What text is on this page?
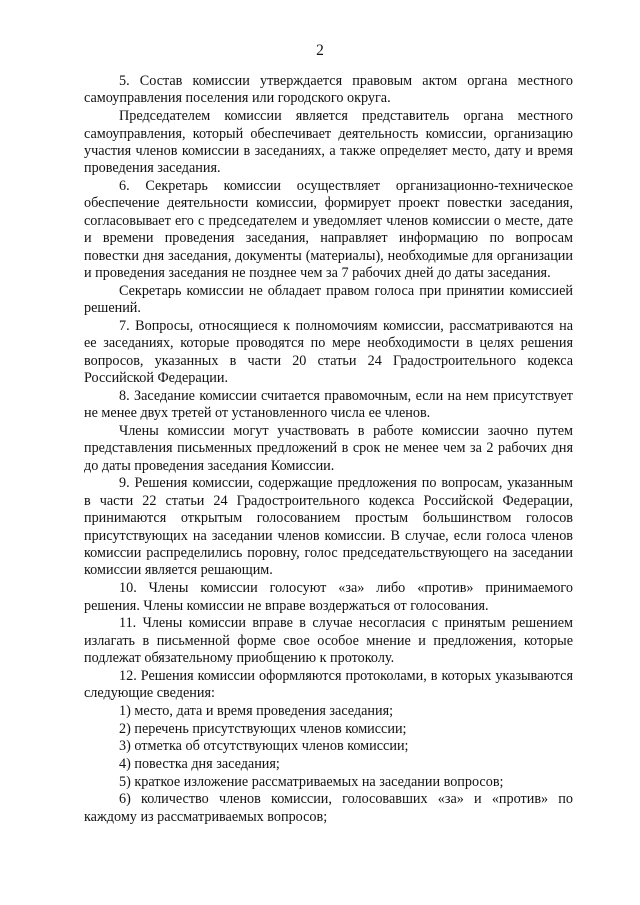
2

5. Состав комиссии утверждается правовым актом органа местного самоуправления поселения или городского округа.

Председателем комиссии является представитель органа местного самоуправления, который обеспечивает деятельность комиссии, организацию участия членов комиссии в заседаниях, а также определяет место, дату и время проведения заседания.

6. Секретарь комиссии осуществляет организационно-техническое обеспечение деятельности комиссии, формирует проект повестки заседания, согласовывает его с председателем и уведомляет членов комиссии о месте, дате и времени проведения заседания, направляет информацию по вопросам повестки дня заседания, документы (материалы), необходимые для организации и проведения заседания не позднее чем за 7 рабочих дней до даты заседания.

Секретарь комиссии не обладает правом голоса при принятии комиссией решений.

7. Вопросы, относящиеся к полномочиям комиссии, рассматриваются на ее заседаниях, которые проводятся по мере необходимости в целях решения вопросов, указанных в части 20 статьи 24 Градостроительного кодекса Российской Федерации.

8. Заседание комиссии считается правомочным, если на нем присутствует не менее двух третей от установленного числа ее членов.

Члены комиссии могут участвовать в работе комиссии заочно путем представления письменных предложений в срок не менее чем за 2 рабочих дня до даты проведения заседания Комиссии.

9. Решения комиссии, содержащие предложения по вопросам, указанным в части 22 статьи 24 Градостроительного кодекса Российской Федерации, принимаются открытым голосованием простым большинством голосов присутствующих на заседании членов комиссии. В случае, если голоса членов комиссии распределились поровну, голос председательствующего на заседании комиссии является решающим.

10. Члены комиссии голосуют «за» либо «против» принимаемого решения. Члены комиссии не вправе воздержаться от голосования.

11. Члены комиссии вправе в случае несогласия с принятым решением излагать в письменной форме свое особое мнение и предложения, которые подлежат обязательному приобщению к протоколу.

12. Решения комиссии оформляются протоколами, в которых указываются следующие сведения:

1) место, дата и время проведения заседания;

2) перечень присутствующих членов комиссии;

3) отметка об отсутствующих членов комиссии;

4) повестка дня заседания;

5) краткое изложение рассматриваемых на заседании вопросов;

6) количество членов комиссии, голосовавших «за» и «против» по каждому из рассматриваемых вопросов;
